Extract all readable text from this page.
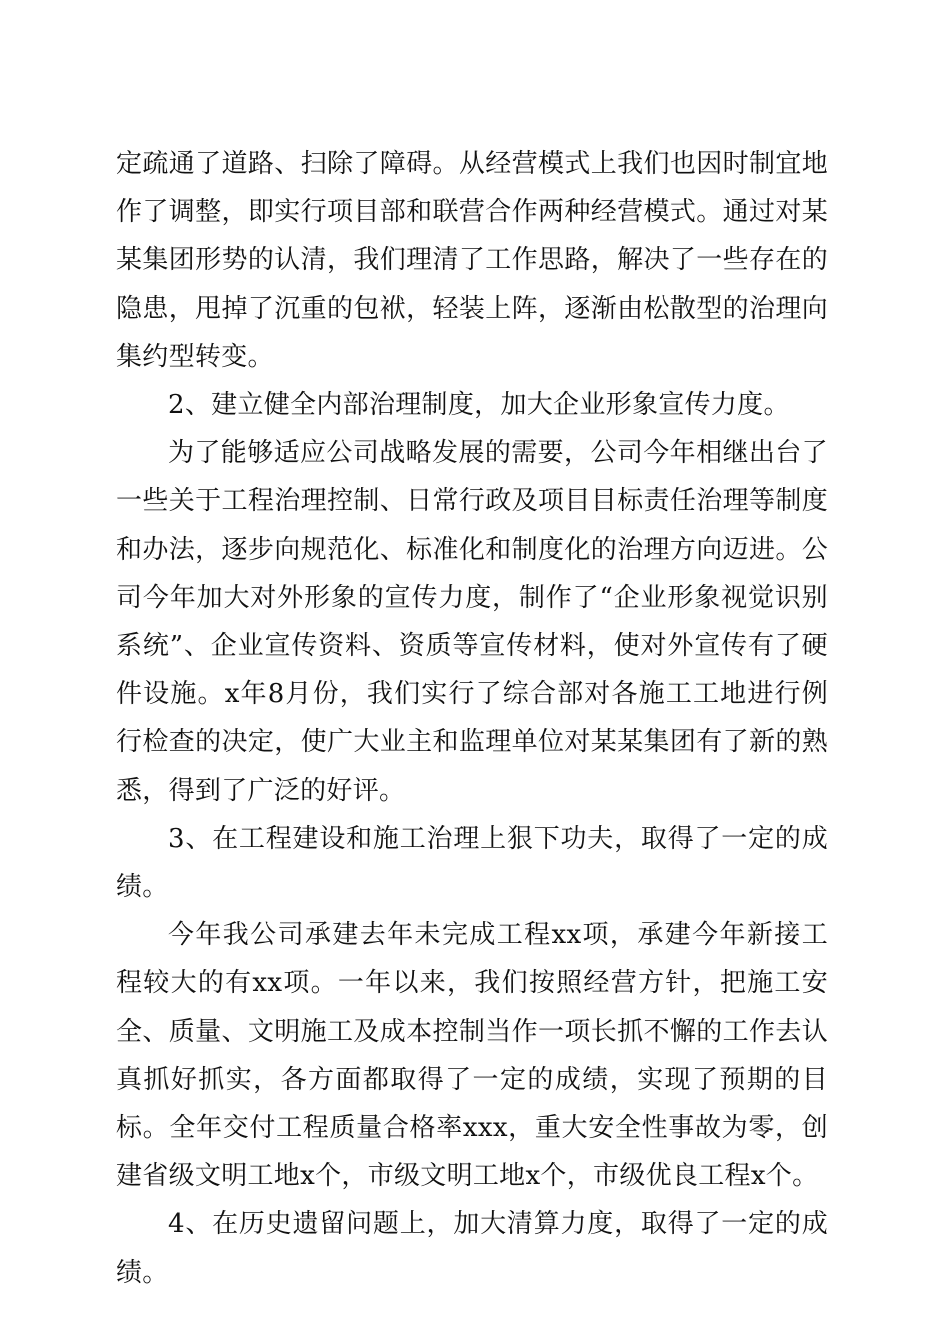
定疏通了道路、扫除了障碍。从经营模式上我们也因时制宜地作了调整，即实行项目部和联营合作两种经营模式。通过对某某集团形势的认清，我们理清了工作思路，解决了一些存在的隐患，甩掉了沉重的包袱，轻装上阵，逐渐由松散型的治理向集约型转变。

2、建立健全内部治理制度，加大企业形象宣传力度。

为了能够适应公司战略发展的需要，公司今年相继出台了一些关于工程治理控制、日常行政及项目目标责任治理等制度和办法，逐步向规范化、标准化和制度化的治理方向迈进。公司今年加大对外形象的宣传力度，制作了“企业形象视觉识别系统”、企业宣传资料、资质等宣传材料，使对外宣传有了硬件设施。x年8月份，我们实行了综合部对各施工工地进行例行检查的决定，使广大业主和监理单位对某某集团有了新的熟悉，得到了广泛的好评。

3、在工程建设和施工治理上狠下功夫，取得了一定的成绩。

今年我公司承建去年未完成工程xx项，承建今年新接工程较大的有xx项。一年以来，我们按照经营方针，把施工安全、质量、文明施工及成本控制当作一项长抓不懈的工作去认真抓好抓实，各方面都取得了一定的成绩，实现了预期的目标。全年交付工程质量合格率xxx，重大安全性事故为零，创建省级文明工地x个，市级文明工地x个，市级优良工程x个。

4、在历史遗留问题上，加大清算力度，取得了一定的成绩。
